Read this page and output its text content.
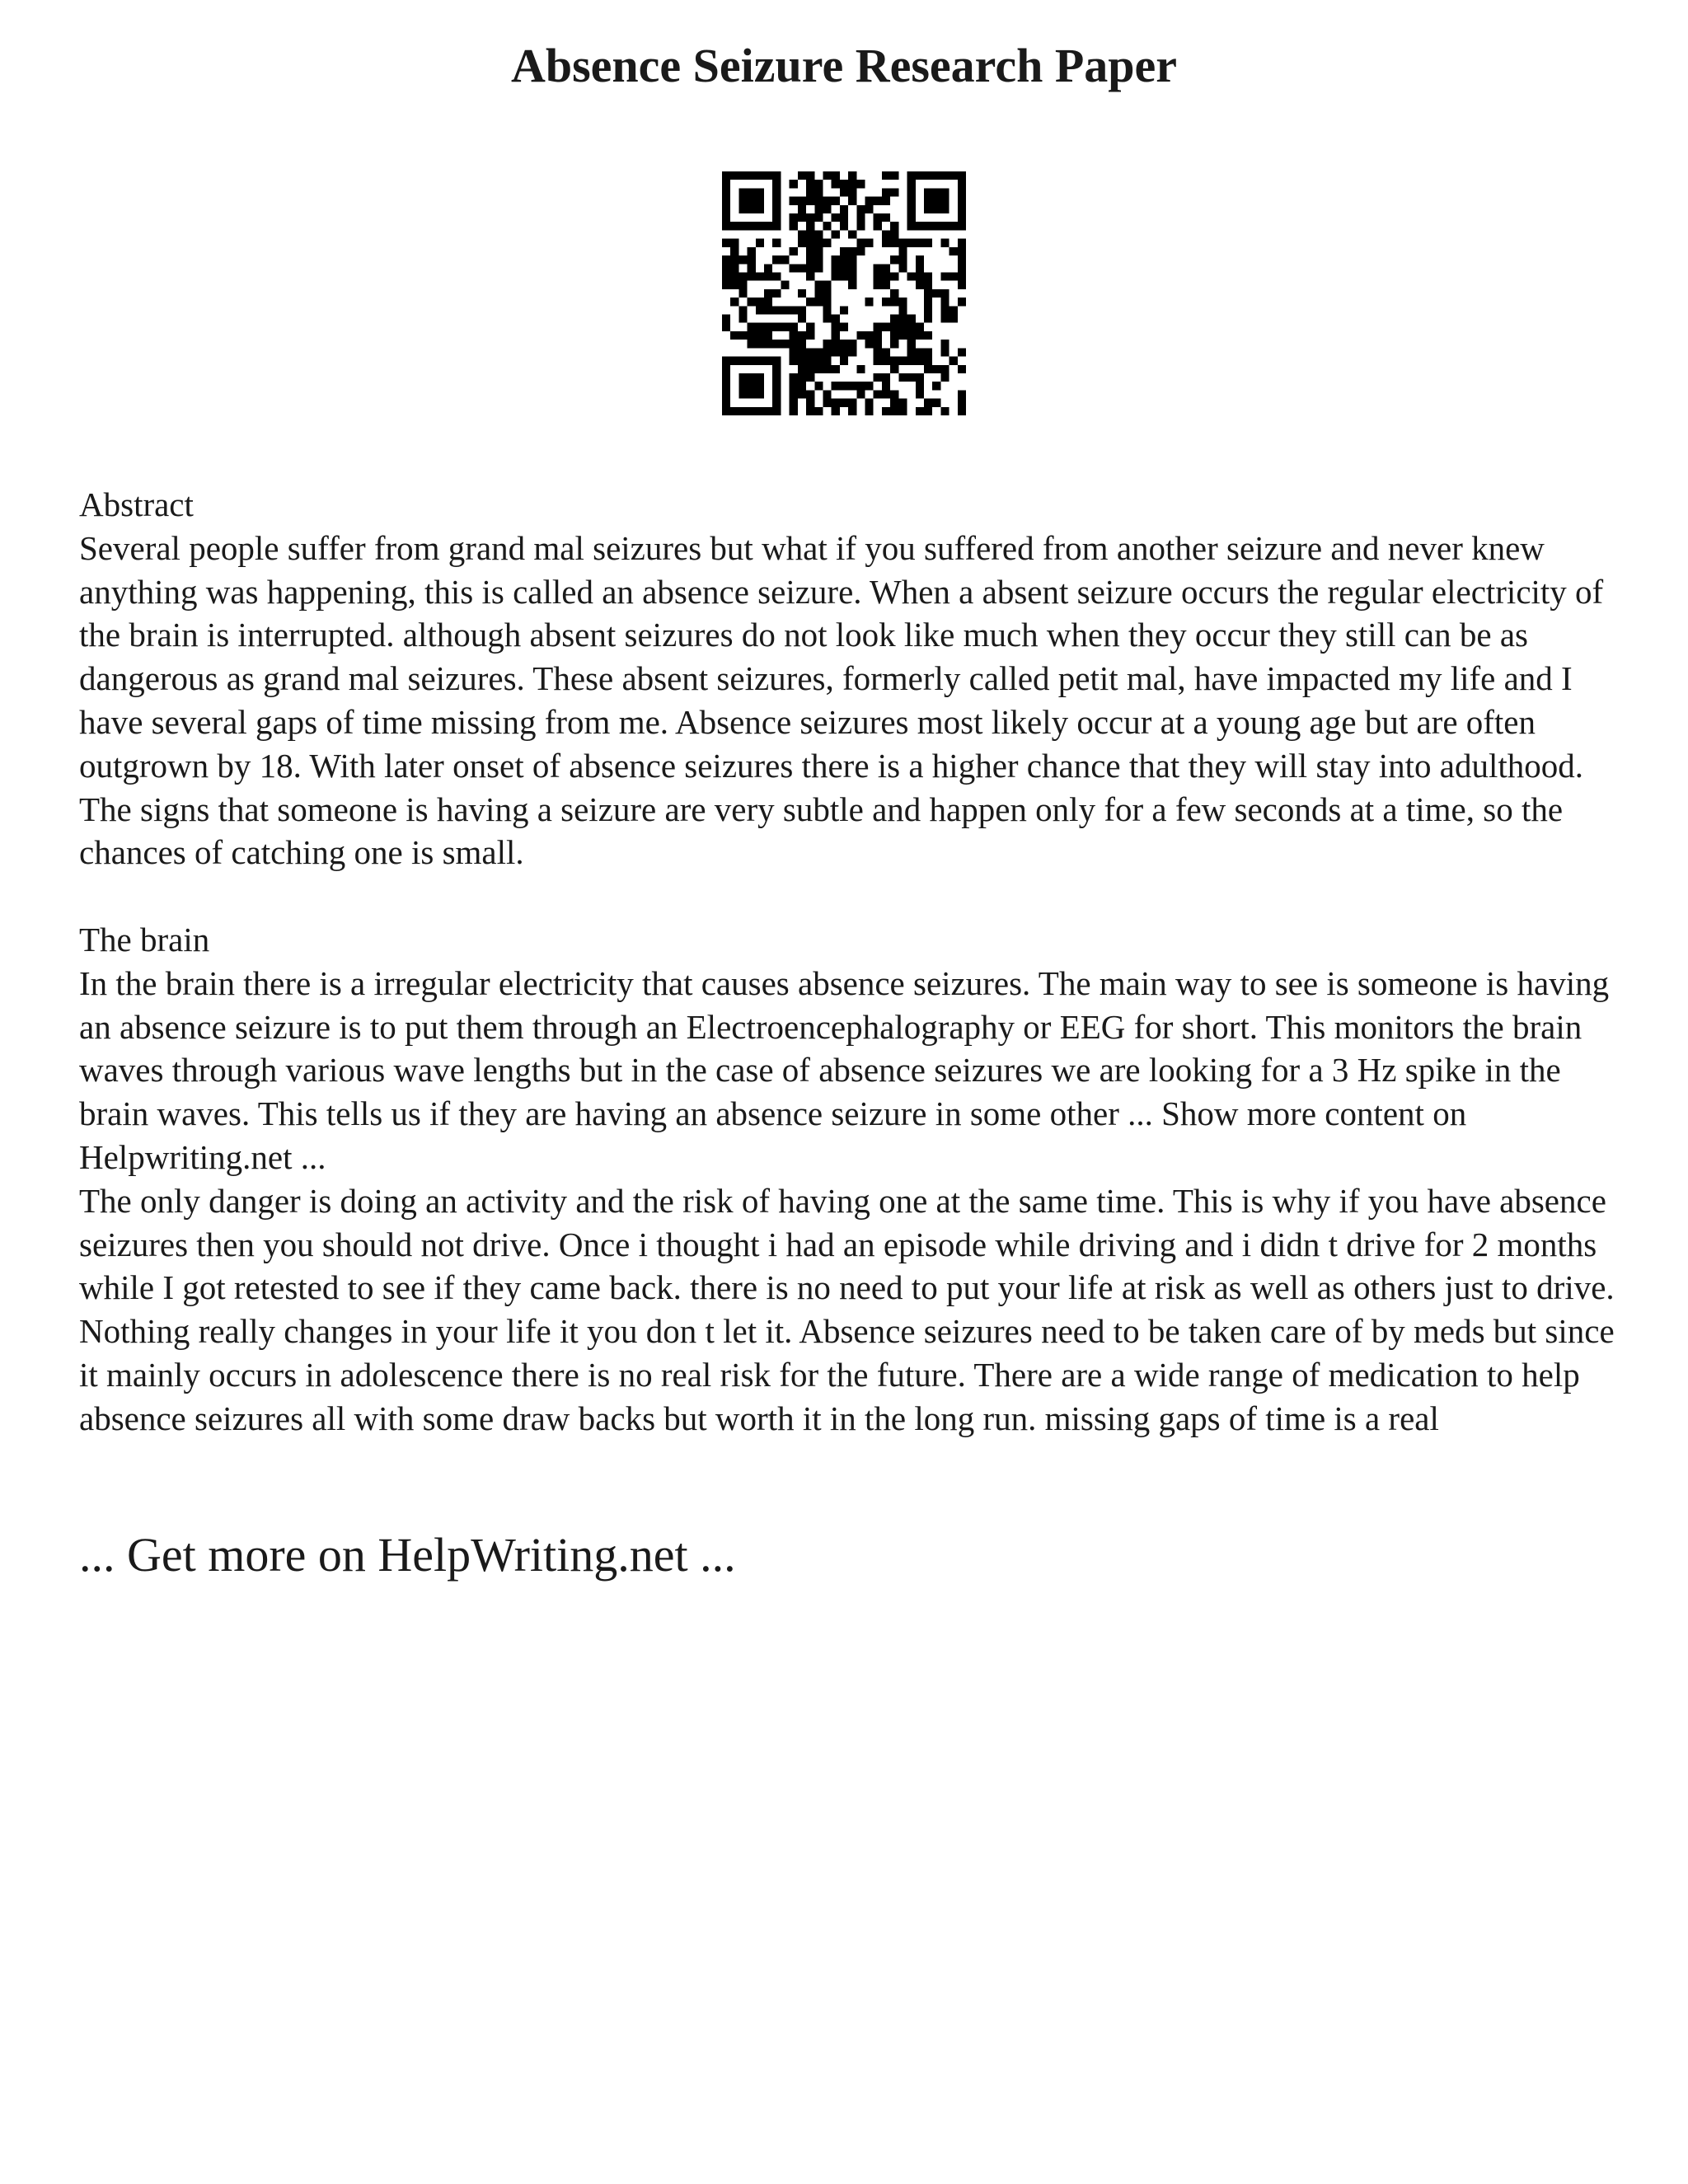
Absence Seizure Research Paper

Abstract

Several people suffer from grand mal seizures but what if you suffered from another seizure and never knew anything was happening, this is called an absence seizure. When a absent seizure occurs the regular electricity of the brain is interrupted. although absent seizures do not look like much when they occur they still can be as dangerous as grand mal seizures. These absent seizures, formerly called petit mal, have impacted my life and I have several gaps of time missing from me. Absence seizures most likely occur at a young age but are often outgrown by 18. With later onset of absence seizures there is a higher chance that they will stay into adulthood. The signs that someone is having a seizure are very subtle and happen only for a few seconds at a time, so the chances of catching one is small.

The brain

In the brain there is a irregular electricity that causes absence seizures. The main way to see is someone is having an absence seizure is to put them through an Electroencephalography or EEG for short. This monitors the brain waves through various wave lengths but in the case of absence seizures we are looking for a 3 Hz spike in the brain waves. This tells us if they are having an absence seizure in some other ... Show more content on Helpwriting.net ...

The only danger is doing an activity and the risk of having one at the same time. This is why if you have absence seizures then you should not drive. Once i thought i had an episode while driving and i didn t drive for 2 months while I got retested to see if they came back. there is no need to put your life at risk as well as others just to drive. Nothing really changes in your life it you don t let it. Absence seizures need to be taken care of by meds but since it mainly occurs in adolescence there is no real risk for the future. There are a wide range of medication to help absence seizures all with some draw backs but worth it in the long run. missing gaps of time is a real

... Get more on HelpWriting.net ...
